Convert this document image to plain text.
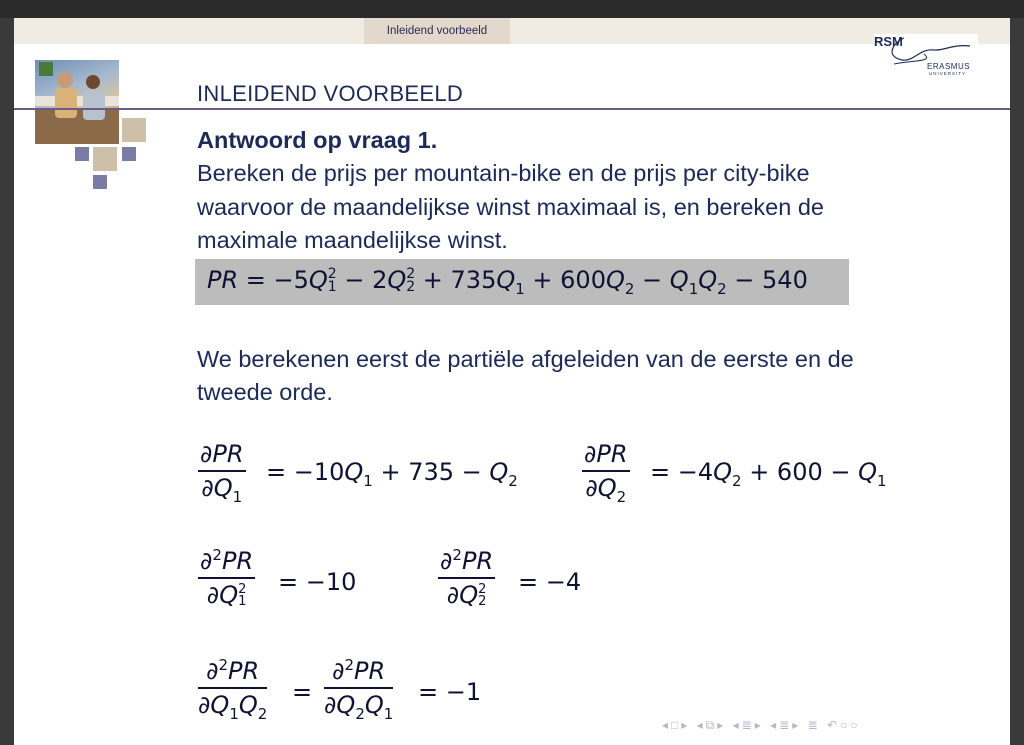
Inleidend voorbeeld
RSM
ERASMUS
UNIVERSITY
INLEIDEND VOORBEELD
Antwoord op vraag 1.
Bereken de prijs per mountain-bike en de prijs per city-bike
waarvoor de maandelijkse winst maximaal is, en bereken de
maximale maandelijkse winst.
PR = −5Q 2
1 − 2Q 2
$2 + 735Q_1 + 600Q_2 - Q_1Q_2 - 540$
We berekenen eerst de partiële afgeleiden van de eerste en de
tweede orde.
∂PR
$\partial Q_1$
= $-10Q_1 + 735 - Q_2$
∂PR
$\partial Q_2$
= $-4Q_2 + 600 - Q_1$
∂$^2$PR
∂Q 2
1
= −10
∂$^2$PR
∂Q 2
2
= −4
∂$^2$PR
$\partial Q_1Q_2$
=
∂$^2$PR
$\partial Q_2Q_1$
= −1
◂□▸ ◂⧉▸ ◂≣▸ ◂≣▸ ≣ ↶○○
